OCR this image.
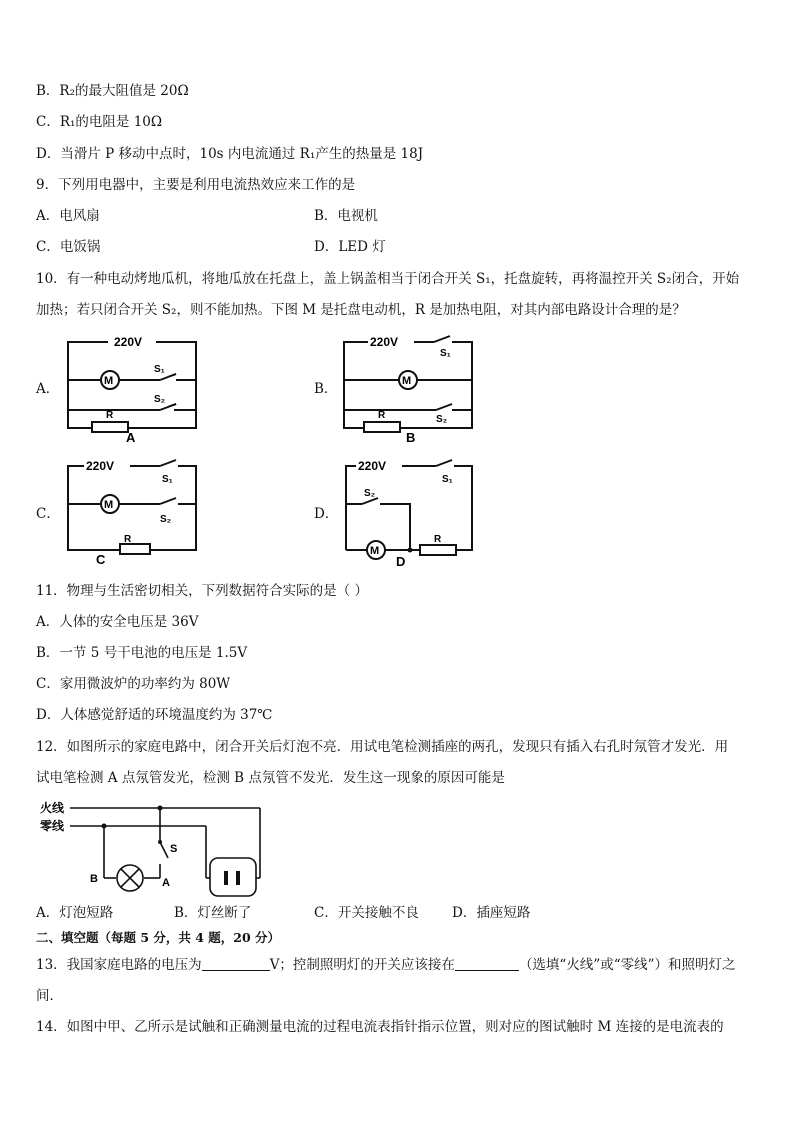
B．R₂的最大阻值是 20Ω
C．R₁的电阻是 10Ω
D．当滑片 P 移动中点时，10s 内电流通过 R₁产生的热量是 18J
9．下列用电器中，主要是利用电流热效应来工作的是
A．电风扇	B．电视机
C．电饭锅	D．LED 灯
10．有一种电动烤地瓜机，将地瓜放在托盘上，盖上锅盖相当于闭合开关 S₁，托盘旋转，再将温控开关 S₂闭合，开始
加热；若只闭合开关 S₂，则不能加热。下图 M 是托盘电动机，R 是加热电阻，对其内部电路设计合理的是？
A．
220V
M
S₁
S₂
R
A
B．
220V
S₁
M
R	S₂
B
C．
220V
S₁
M
S₂
R
C
D．
220V
S₁
S₂
M
R
D
11．物理与生活密切相关，下列数据符合实际的是（ ）
A．人体的安全电压是 36V
B．一节 5 号干电池的电压是 1.5V
C．家用微波炉的功率约为 80W
D．人体感觉舒适的环境温度约为 37℃
12．如图所示的家庭电路中，闭合开关后灯泡不亮．用试电笔检测插座的两孔，发现只有插入右孔时氖管才发光．用
试电笔检测 A 点氖管发光，检测 B 点氖管不发光．发生这一现象的原因可能是
火线
零线
S
B	A
A．灯泡短路	B．灯丝断了	C．开关接触不良 D．插座短路
二、填空题（每题 5 分，共 4 题，20 分）
13．我国家庭电路的电压为	V；控制照明灯的开关应该接在	（选填“火线”或“零线”）和照明灯之
间．
14．如图中甲、乙所示是试触和正确测量电流的过程电流表指针指示位置，则对应的图试触时 M 连接的是电流表的
